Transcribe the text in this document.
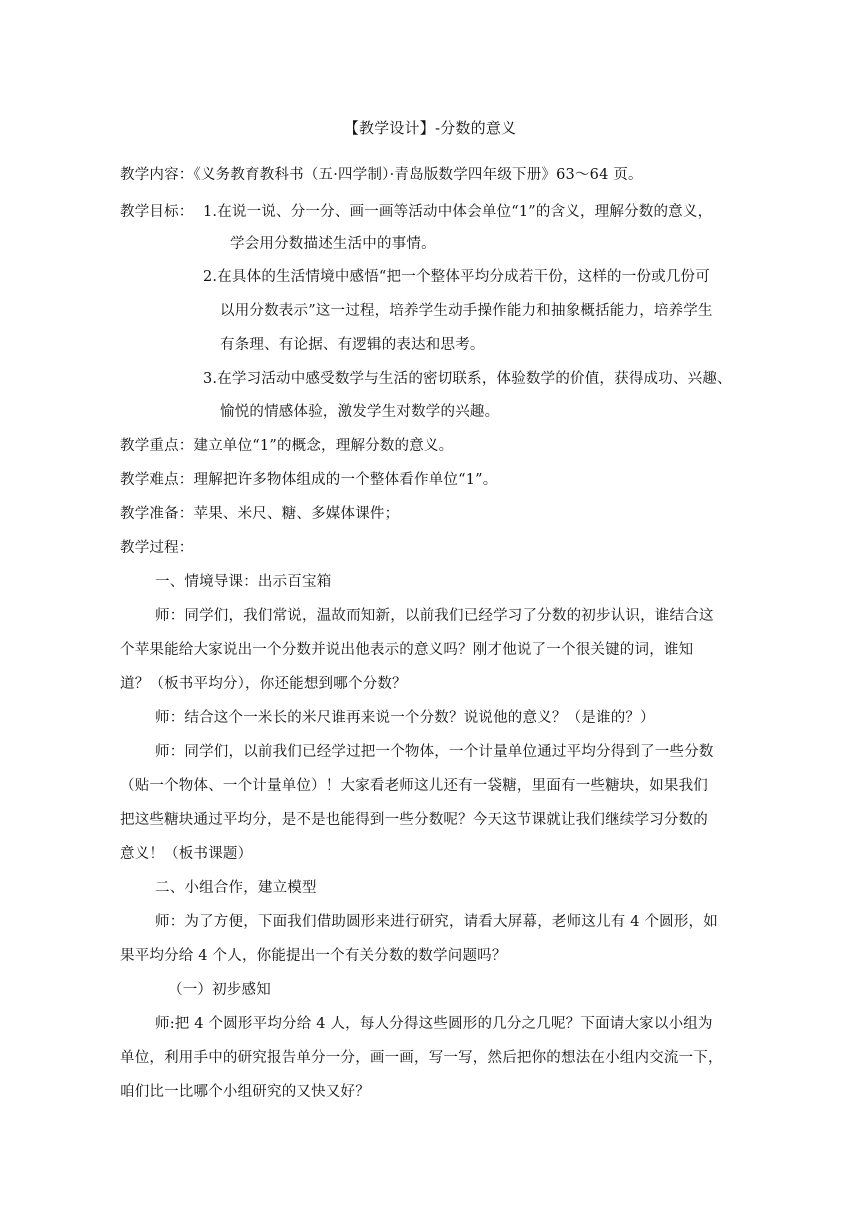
【教学设计】-分数的意义
教学内容：《义务教育教科书（五·四学制）·青岛版数学四年级下册》63～64 页。
教学目标： 1.在说一说、分一分、画一画等活动中体会单位“1”的含义，理解分数的意义，
学会用分数描述生活中的事情。
2.在具体的生活情境中感悟“把一个整体平均分成若干份，这样的一份或几份可
以用分数表示”这一过程，培养学生动手操作能力和抽象概括能力，培养学生
有条理、有论据、有逻辑的表达和思考。
3.在学习活动中感受数学与生活的密切联系，体验数学的价值，获得成功、兴趣、
愉悦的情感体验，激发学生对数学的兴趣。
教学重点：建立单位“1”的概念，理解分数的意义。
教学难点：理解把许多物体组成的一个整体看作单位“1”。
教学准备：苹果、米尺、糖、多媒体课件；
教学过程：
一、情境导课：出示百宝箱
师：同学们，我们常说，温故而知新，以前我们已经学习了分数的初步认识，谁结合这
个苹果能给大家说出一个分数并说出他表示的意义吗？刚才他说了一个很关键的词，谁知
道？（板书平均分），你还能想到哪个分数？
师：结合这个一米长的米尺谁再来说一个分数？说说他的意义？（是谁的？）
师：同学们，以前我们已经学过把一个物体，一个计量单位通过平均分得到了一些分数
（贴一个物体、一个计量单位）！大家看老师这儿还有一袋糖，里面有一些糖块，如果我们
把这些糖块通过平均分，是不是也能得到一些分数呢？今天这节课就让我们继续学习分数的
意义！（板书课题）
二、小组合作，建立模型
师：为了方便，下面我们借助圆形来进行研究，请看大屏幕，老师这儿有 4 个圆形，如
果平均分给 4 个人，你能提出一个有关分数的数学问题吗？
（一）初步感知
师:把 4 个圆形平均分给 4 人，每人分得这些圆形的几分之几呢？下面请大家以小组为
单位，利用手中的研究报告单分一分，画一画，写一写，然后把你的想法在小组内交流一下，
咱们比一比哪个小组研究的又快又好？
